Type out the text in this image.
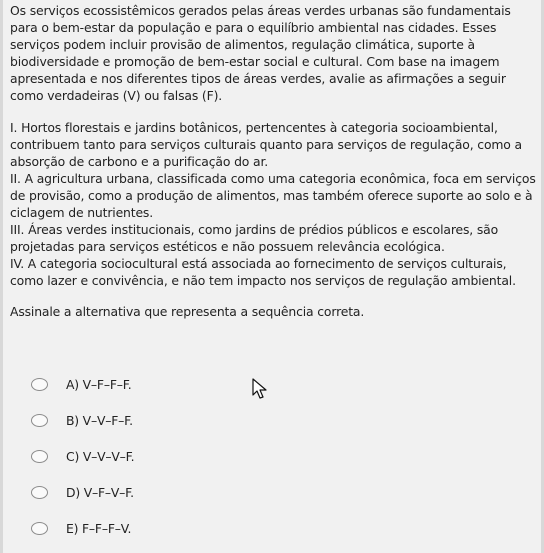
Os serviços ecossistêmicos gerados pelas áreas verdes urbanas são fundamentais para o bem-estar da população e para o equilíbrio ambiental nas cidades. Esses serviços podem incluir provisão de alimentos, regulação climática, suporte à biodiversidade e promoção de bem-estar social e cultural. Com base na imagem apresentada e nos diferentes tipos de áreas verdes, avalie as afirmações a seguir como verdadeiras (V) ou falsas (F).

I. Hortos florestais e jardins botânicos, pertencentes à categoria socioambiental, contribuem tanto para serviços culturais quanto para serviços de regulação, como a absorção de carbono e a purificação do ar.

II. A agricultura urbana, classificada como uma categoria econômica, foca em serviços de provisão, como a produção de alimentos, mas também oferece suporte ao solo e à ciclagem de nutrientes.

III. Áreas verdes institucionais, como jardins de prédios públicos e escolares, são projetadas para serviços estéticos e não possuem relevância ecológica.

IV. A categoria sociocultural está associada ao fornecimento de serviços culturais, como lazer e convivência, e não tem impacto nos serviços de regulação ambiental.

Assinale a alternativa que representa a sequência correta.

A) V–F–F–F.
B) V–V–F–F.
C) V–V–V–F.
D) V–F–V–F.
E) F–F–F–V.
